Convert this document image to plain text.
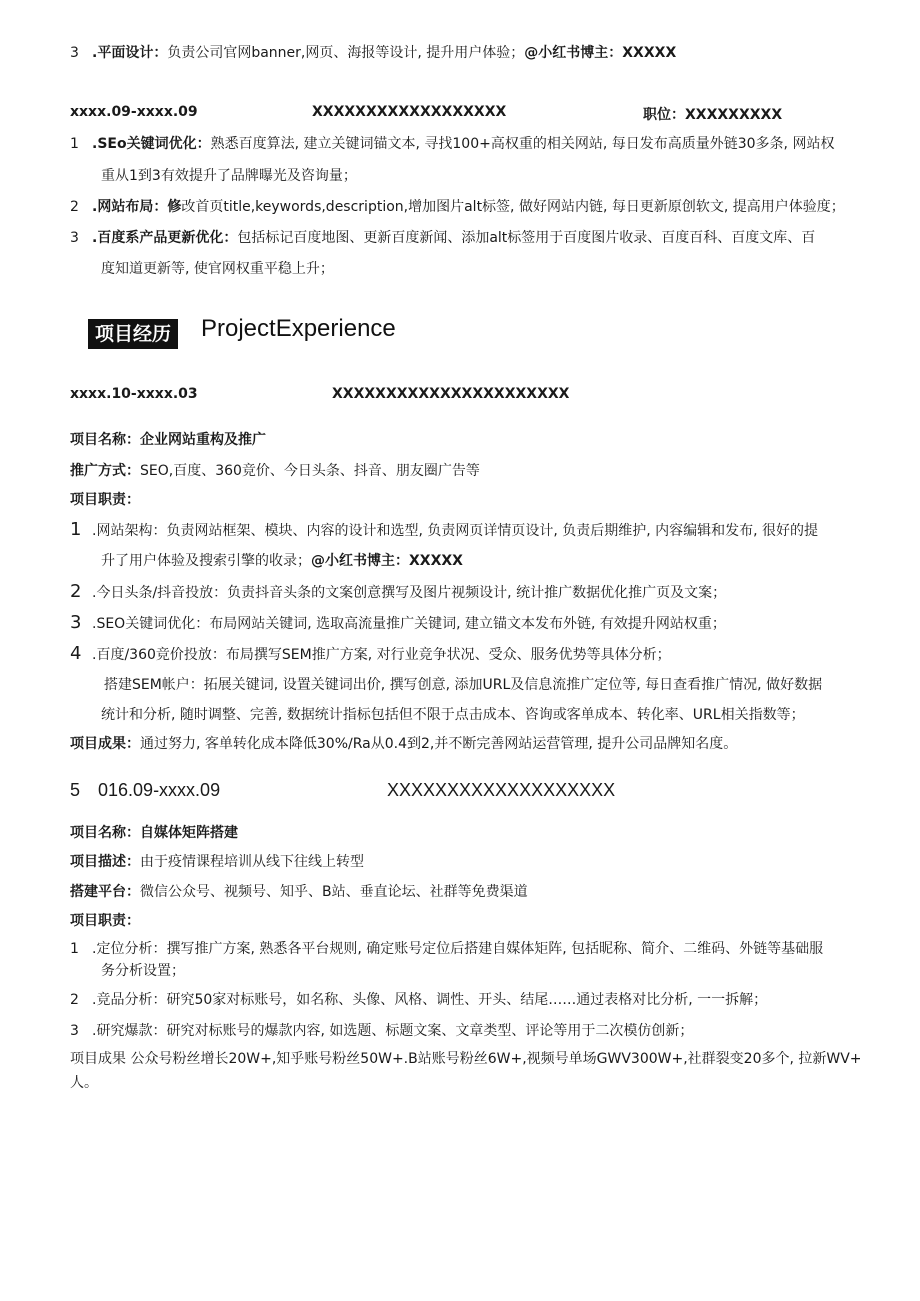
3 .平面设计：负责公司官网banner,网页、海报等设计, 提升用户体验；@小红书博主：XXXXX
xxxx.09-xxxx.09	XXXXXXXXXXXXXXXXXX	职位：XXXXXXXXX
1 .SEo关键词优化：熟悉百度算法, 建立关键词锚文本, 寻找100+高权重的相关网站, 每日发布高质量外链30多条, 网站权
重从1到3有效提升了品牌曝光及咨询量；
2 .网站布局：修改首页title,keywords,description,增加图片alt标签, 做好网站内链, 每日更新原创软文, 提高用户体验度；
3 .百度系产品更新优化：包括标记百度地图、更新百度新闻、添加alt标签用于百度图片收录、百度百科、百度文库、百
度知道更新等, 使官网权重平稳上升；
项目经历 ProjectExperience
xxxx.10-xxxx.03	XXXXXXXXXXXXXXXXXXXXXX
项目名称：企业网站重构及推广
推广方式：SEO,百度、360竞价、今日头条、抖音、朋友圈广告等
项目职责：
1 .网站架构：负责网站框架、模块、内容的设计和选型, 负责网页详情页设计, 负责后期维护, 内容编辑和发布, 很好的提
升了用户体验及搜索引擎的收录；@小红书博主：XXXXX
2 .今日头条/抖音投放：负责抖音头条的文案创意撰写及图片视频设计, 统计推广数据优化推广页及文案；
3 .SEO关键词优化：布局网站关键词, 选取高流量推广关键词, 建立锚文本发布外链, 有效提升网站权重；
4 .百度/360竞价投放：布局撰写SEM推广方案, 对行业竞争状况、受众、服务优势等具体分析；
搭建SEM帐户：拓展关键词, 设置关键词出价, 撰写创意, 添加URL及信息流推广定位等, 每日查看推广情况, 做好数据
统计和分析, 随时调整、完善, 数据统计指标包括但不限于点击成本、咨询或客单成本、转化率、URL相关指数等；
项目成果：通过努力, 客单转化成本降低30%∕Ra从0.4到2,并不断完善网站运营管理, 提升公司品牌知名度。
5　016.09-xxxx.09	XXXXXXXXXXXXXXXXXXX
项目名称：自媒体矩阵搭建
项目描述：由于疫情课程培训从线下往线上转型
搭建平台：微信公众号、视频号、知乎、B站、垂直论坛、社群等免费渠道
项目职责：
1 .定位分析：撰写推广方案, 熟悉各平台规则, 确定账号定位后搭建自媒体矩阵, 包括昵称、简介、二维码、外链等基础服
务分析设置；
2 .竞品分析：研究50家对标账号，如名称、头像、风格、调性、开头、结尾……通过表格对比分析, 一一拆解；
3 .研究爆款：研究对标账号的爆款内容, 如选题、标题文案、文章类型、评论等用于二次模仿创新；
项目成果 公众号粉丝增长20W+,知乎账号粉丝50W+.B站账号粉丝6W+,视频号单场GWV300W+,社群裂变20多个, 拉新WV+
人。
